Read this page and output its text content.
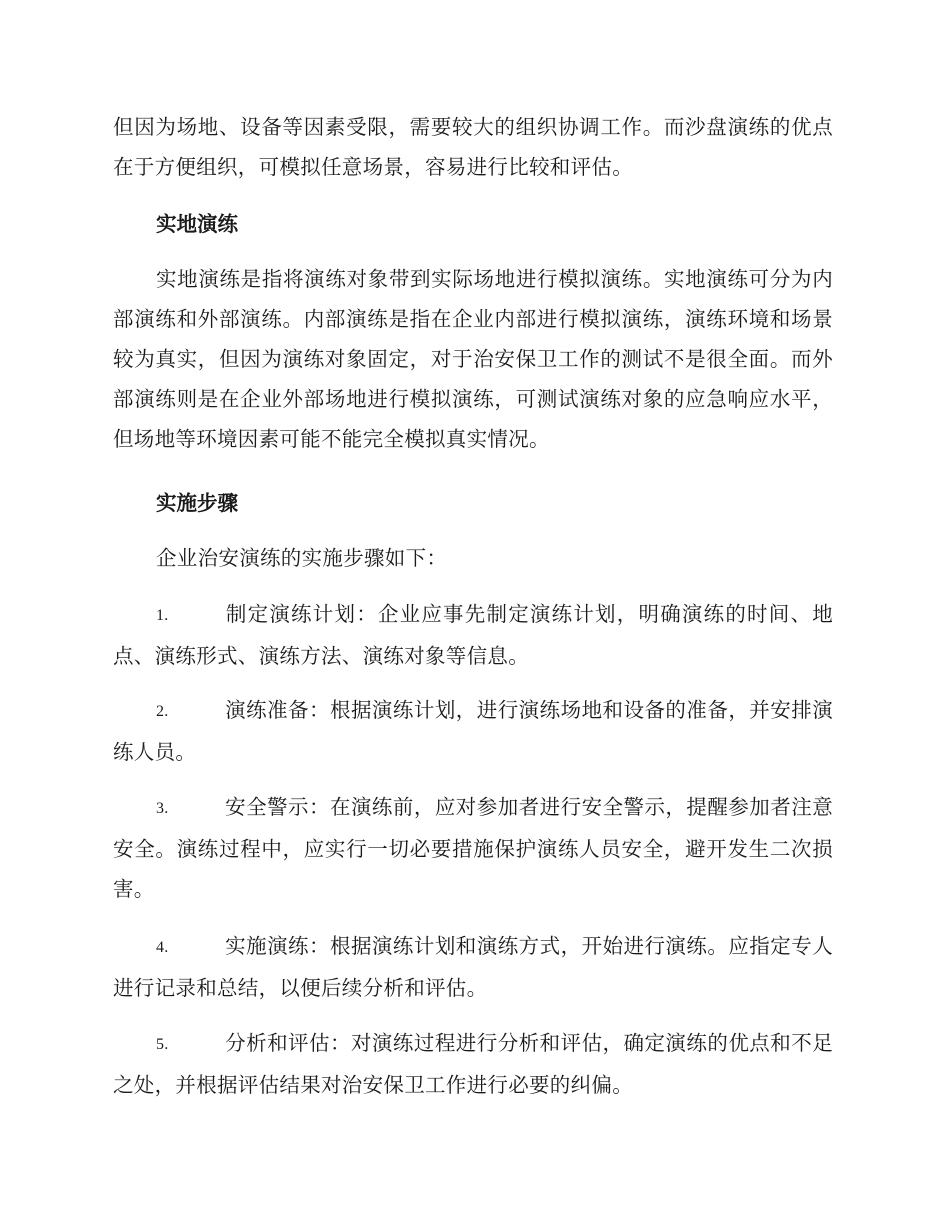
但因为场地、设备等因素受限，需要较大的组织协调工作。而沙盘演练的优点在于方便组织，可模拟任意场景，容易进行比较和评估。

实地演练

实地演练是指将演练对象带到实际场地进行模拟演练。实地演练可分为内部演练和外部演练。内部演练是指在企业内部进行模拟演练，演练环境和场景较为真实，但因为演练对象固定，对于治安保卫工作的测试不是很全面。而外部演练则是在企业外部场地进行模拟演练，可测试演练对象的应急响应水平，但场地等环境因素可能不能完全模拟真实情况。

实施步骤

企业治安演练的实施步骤如下：

1.	制定演练计划：企业应事先制定演练计划，明确演练的时间、地点、演练形式、演练方法、演练对象等信息。

2.	演练准备：根据演练计划，进行演练场地和设备的准备，并安排演练人员。

3.	安全警示：在演练前，应对参加者进行安全警示，提醒参加者注意安全。演练过程中，应实行一切必要措施保护演练人员安全，避开发生二次损害。

4.	实施演练：根据演练计划和演练方式，开始进行演练。应指定专人进行记录和总结，以便后续分析和评估。

5.	分析和评估：对演练过程进行分析和评估，确定演练的优点和不足之处，并根据评估结果对治安保卫工作进行必要的纠偏。
